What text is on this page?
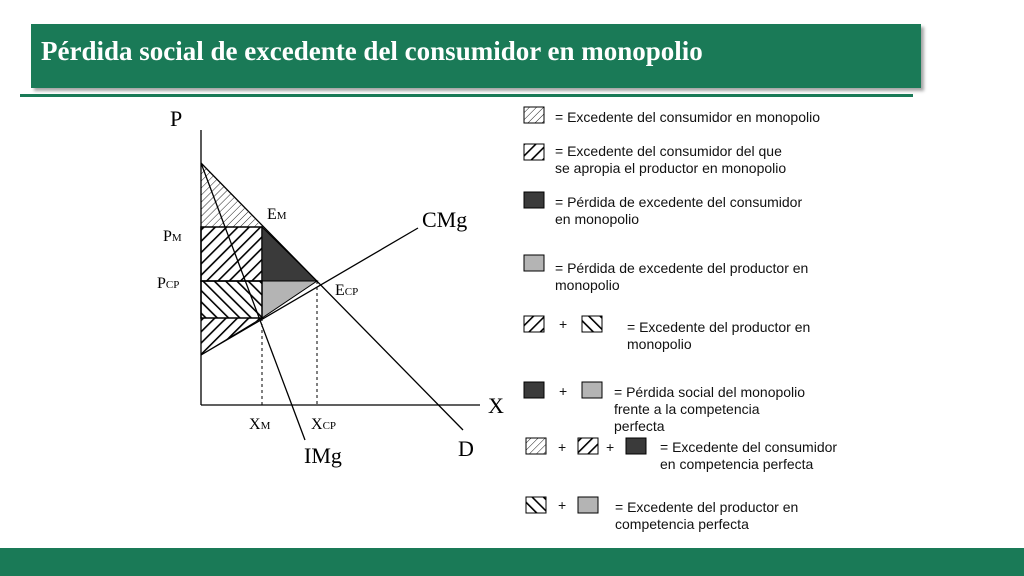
Pérdida social de excedente del consumidor en monopolio
P
X
PM
PCP
EM
ECP
XM	XCP
CMg
IMg	D
+
+
+	+
+
= Excedente del consumidor en monopolio
= Excedente del consumidor del que
se apropia el productor en monopolio
= Pérdida de excedente del consumidor
en monopolio
= Pérdida de excedente del productor en
monopolio
= Excedente del productor en
monopolio
= Pérdida social del monopolio
frente a la competencia
perfecta
= Excedente del consumidor
en competencia perfecta
= Excedente del productor en
competencia perfecta
